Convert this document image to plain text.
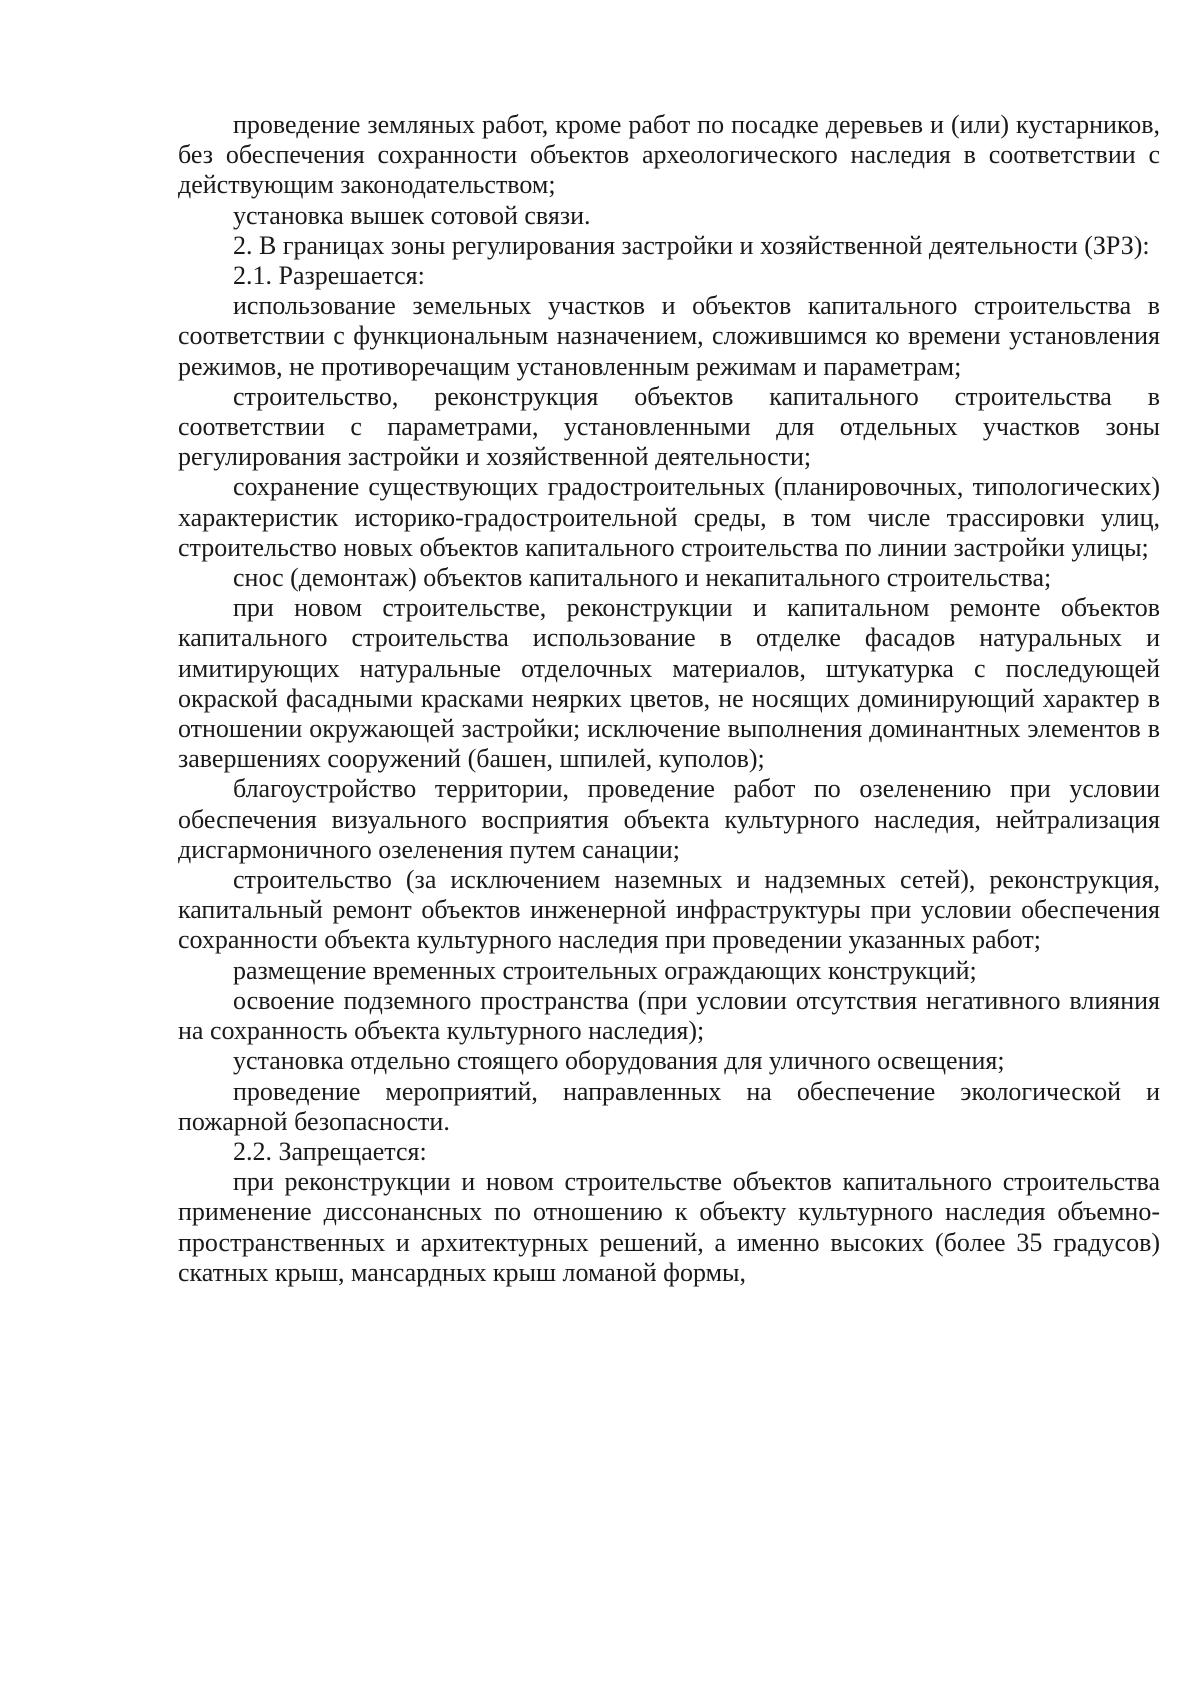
проведение земляных работ, кроме работ по посадке деревьев и (или) кустарников, без обеспечения сохранности объектов археологического наследия в соответствии с действующим законодательством;

установка вышек сотовой связи.

2. В границах зоны регулирования застройки и хозяйственной деятельности (ЗРЗ):

2.1. Разрешается:

использование земельных участков и объектов капитального строительства в соответствии с функциональным назначением, сложившимся ко времени установления режимов, не противоречащим установленным режимам и параметрам;

строительство, реконструкция объектов капитального строительства в соответствии с параметрами, установленными для отдельных участков зоны регулирования застройки и хозяйственной деятельности;

сохранение существующих градостроительных (планировочных, типологических) характеристик историко-градостроительной среды, в том числе трассировки улиц, строительство новых объектов капитального строительства по линии застройки улицы;

снос (демонтаж) объектов капитального и некапитального строительства;

при новом строительстве, реконструкции и капитальном ремонте объектов капитального строительства использование в отделке фасадов натуральных и имитирующих натуральные отделочных материалов, штукатурка с последующей окраской фасадными красками неярких цветов, не носящих доминирующий характер в отношении окружающей застройки; исключение выполнения доминантных элементов в завершениях сооружений (башен, шпилей, куполов);

благоустройство территории, проведение работ по озеленению при условии обеспечения визуального восприятия объекта культурного наследия, нейтрализация дисгармоничного озеленения путем санации;

строительство (за исключением наземных и надземных сетей), реконструкция, капитальный ремонт объектов инженерной инфраструктуры при условии обеспечения сохранности объекта культурного наследия при проведении указанных работ;

размещение временных строительных ограждающих конструкций;

освоение подземного пространства (при условии отсутствия негативного влияния на сохранность объекта культурного наследия);

установка отдельно стоящего оборудования для уличного освещения;

проведение мероприятий, направленных на обеспечение экологической и пожарной безопасности.

2.2. Запрещается:

при реконструкции и новом строительстве объектов капитального строительства применение диссонансных по отношению к объекту культурного наследия объемно-пространственных и архитектурных решений, а именно высоких (более 35 градусов) скатных крыш, мансардных крыш ломаной формы,
